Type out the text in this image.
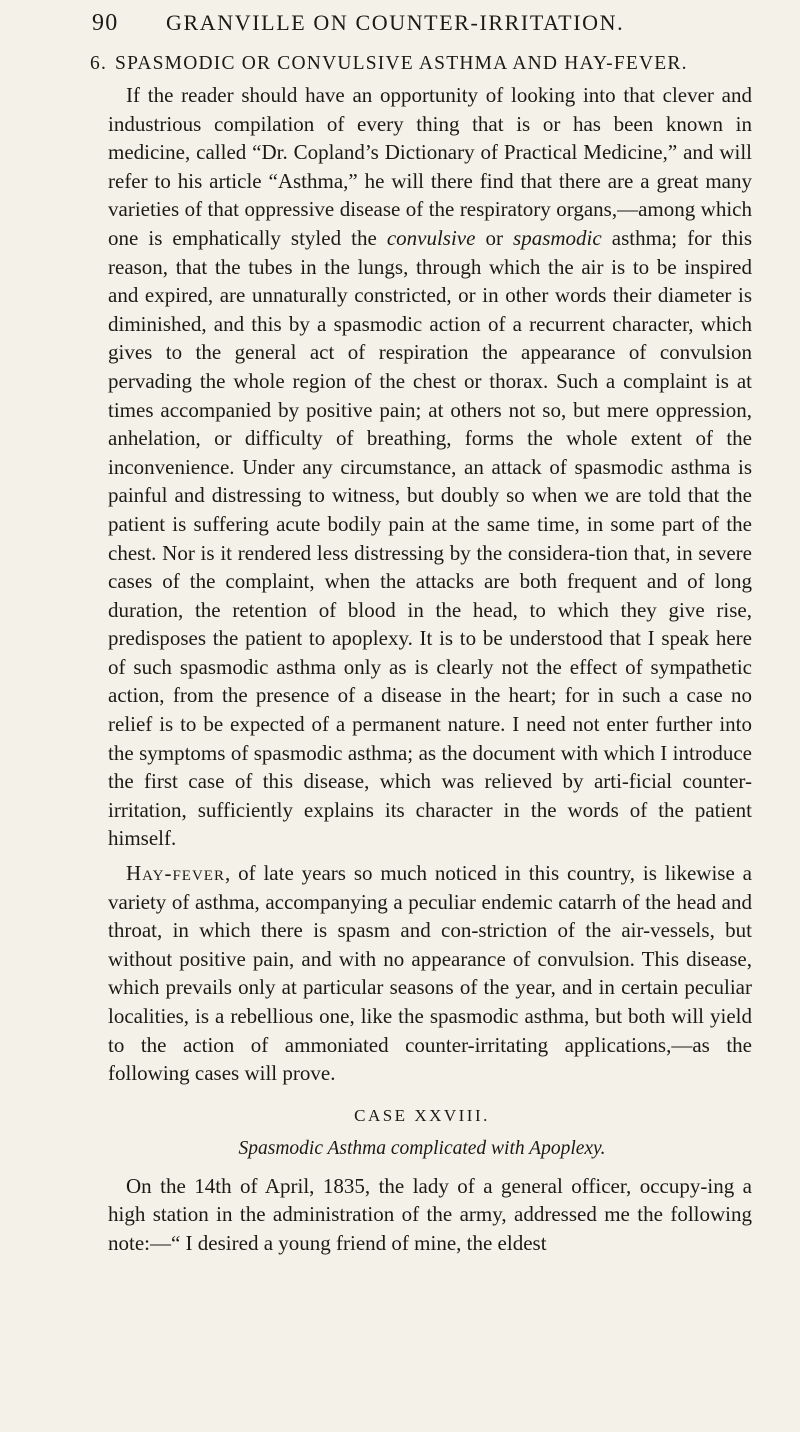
90	GRANVILLE ON COUNTER-IRRITATION.
6. SPASMODIC OR CONVULSIVE ASTHMA AND HAY-FEVER.

If the reader should have an opportunity of looking into that clever and industrious compilation of every thing that is or has been known in medicine, called “Dr. Copland’s Dictionary of Practical Medicine,” and will refer to his article “Asthma,” he will there find that there are a great many varieties of that oppressive disease of the respiratory organs,—among which one is emphatically styled the convulsive or spasmodic asthma; for this reason, that the tubes in the lungs, through which the air is to be inspired and expired, are unnaturally constricted, or in other words their diameter is diminished, and this by a spasmodic action of a recurrent character, which gives to the general act of respiration the appearance of convulsion pervading the whole region of the chest or thorax. Such a complaint is at times accompanied by positive pain; at others not so, but mere oppression, anhelation, or difficulty of breathing, forms the whole extent of the inconvenience. Under any circumstance, an attack of spasmodic asthma is painful and distressing to witness, but doubly so when we are told that the patient is suffering acute bodily pain at the same time, in some part of the chest. Nor is it rendered less distressing by the considera-tion that, in severe cases of the complaint, when the attacks are both frequent and of long duration, the retention of blood in the head, to which they give rise, predisposes the patient to apoplexy. It is to be understood that I speak here of such spasmodic asthma only as is clearly not the effect of sympathetic action, from the presence of a disease in the heart; for in such a case no relief is to be expected of a permanent nature. I need not enter further into the symptoms of spasmodic asthma; as the document with which I introduce the first case of this disease, which was relieved by arti-ficial counter-irritation, sufficiently explains its character in the words of the patient himself.

Hay-fever, of late years so much noticed in this country, is likewise a variety of asthma, accompanying a peculiar endemic catarrh of the head and throat, in which there is spasm and con-striction of the air-vessels, but without positive pain, and with no appearance of convulsion. This disease, which prevails only at particular seasons of the year, and in certain peculiar localities, is a rebellious one, like the spasmodic asthma, but both will yield to the action of ammoniated counter-irritating applications,—as the following cases will prove.

CASE XXVIII.
Spasmodic Asthma complicated with Apoplexy.

On the 14th of April, 1835, the lady of a general officer, occupy-ing a high station in the administration of the army, addressed me the following note:—“ I desired a young friend of mine, the eldest
